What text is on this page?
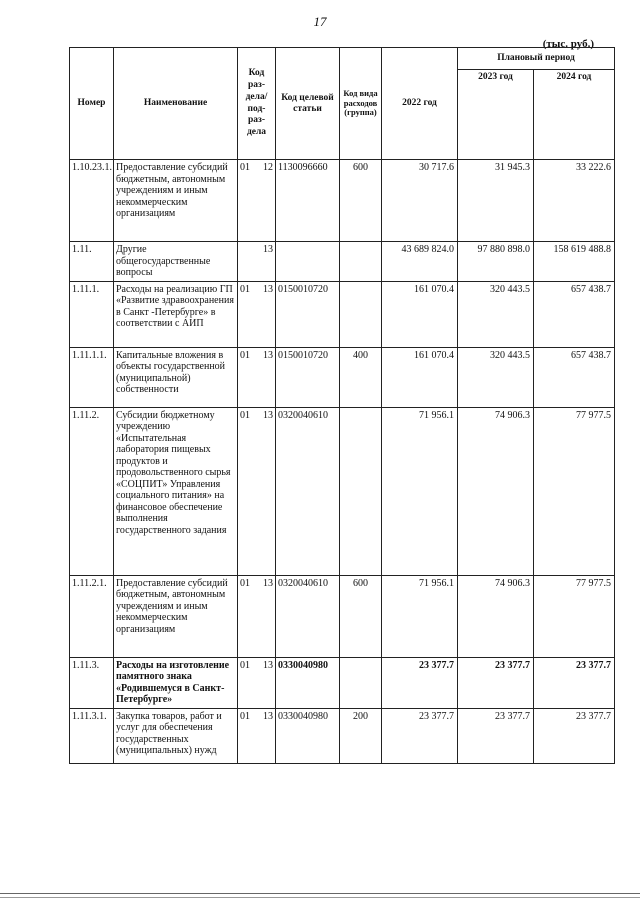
17
(тыс. руб.)
Номер	Наименование	Код раз- дела/ под- раз- дела	Код целевой статьи	Код вида расходов (группа)	2022 год	Плановый период	
						2023 год	2024 год
1.10.23.1.	Предоставление субсидий бюджетным, автономным учреждениям и иным некоммерческим организациям	01 12	1130096660	600	30 717.6	31 945.3	33 222.6
1.11.	Другие общегосударственные вопросы	13			43 689 824.0	97 880 898.0	158 619 488.8
1.11.1.	Расходы на реализацию ГП «Развитие здравоохранения в Санкт -Петербурге» в соответствии с АИП	01 13	0150010720		161 070.4	320 443.5	657 438.7
1.11.1.1.	Капитальные вложения в объекты государственной (муниципальной) собственности	01 13	0150010720	400	161 070.4	320 443.5	657 438.7
1.11.2.	Субсидии бюджетному учреждению «Испытательная лаборатория пищевых продуктов и продовольственного сырья «СОЦПИТ» Управления социального питания» на финансовое обеспечение выполнения государственного задания	01 13	0320040610		71 956.1	74 906.3	77 977.5
1.11.2.1.	Предоставление субсидий бюджетным, автономным учреждениям и иным некоммерческим организациям	01 13	0320040610	600	71 956.1	74 906.3	77 977.5
1.11.3.	Расходы на изготовление памятного знака «Родившемуся в Санкт-Петербурге»	01 13	0330040980		23 377.7	23 377.7	23 377.7
1.11.3.1.	Закупка товаров, работ и услуг для обеспечения государственных (муниципальных) нужд	01 13	0330040980	200	23 377.7	23 377.7	23 377.7
